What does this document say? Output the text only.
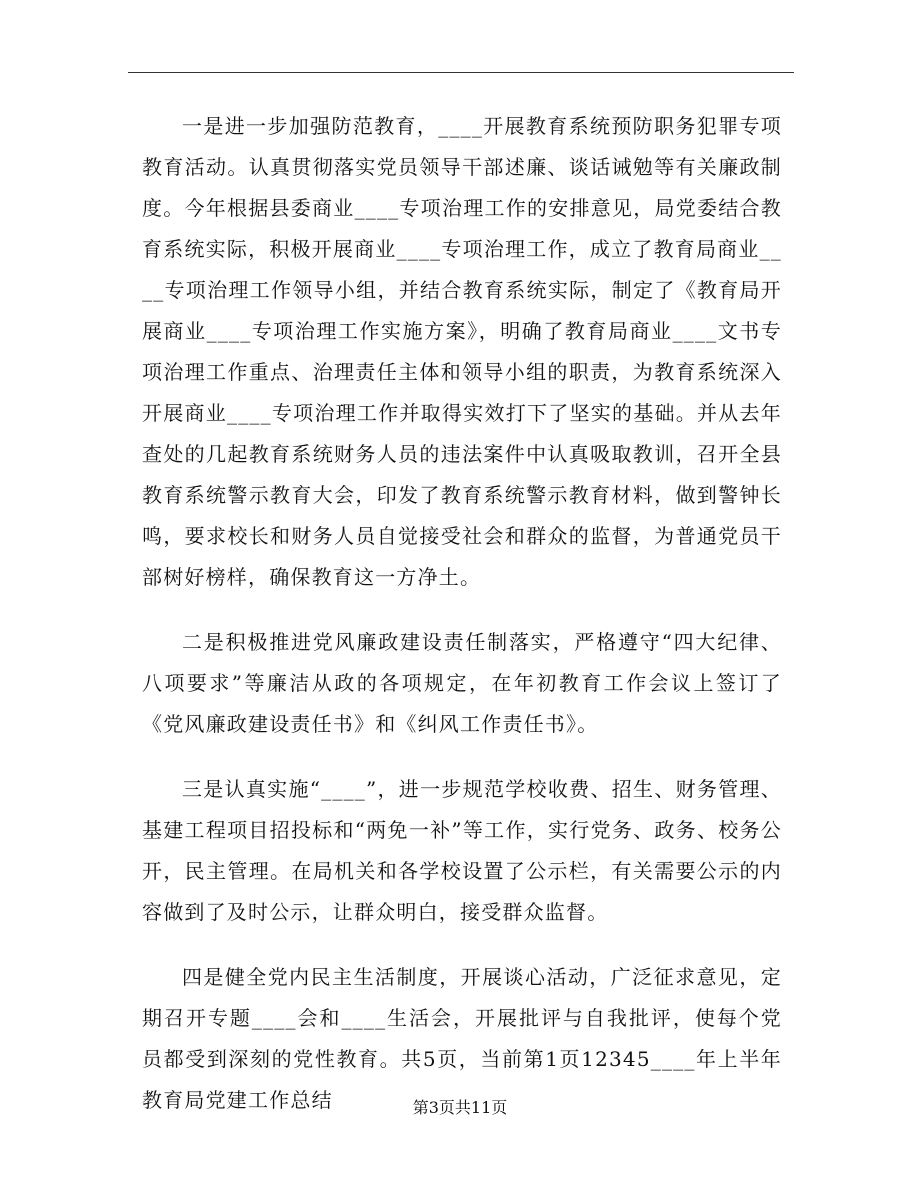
一是进一步加强防范教育，____开展教育系统预防职务犯罪专项教育活动。认真贯彻落实党员领导干部述廉、谈话诫勉等有关廉政制度。今年根据县委商业____专项治理工作的安排意见，局党委结合教育系统实际，积极开展商业____专项治理工作，成立了教育局商业____专项治理工作领导小组，并结合教育系统实际，制定了《教育局开展商业____专项治理工作实施方案》，明确了教育局商业____文书专项治理工作重点、治理责任主体和领导小组的职责，为教育系统深入开展商业____专项治理工作并取得实效打下了坚实的基础。并从去年查处的几起教育系统财务人员的违法案件中认真吸取教训，召开全县教育系统警示教育大会，印发了教育系统警示教育材料，做到警钟长鸣，要求校长和财务人员自觉接受社会和群众的监督，为普通党员干部树好榜样，确保教育这一方净土。

二是积极推进党风廉政建设责任制落实，严格遵守“四大纪律、八项要求”等廉洁从政的各项规定，在年初教育工作会议上签订了《党风廉政建设责任书》和《纠风工作责任书》。

三是认真实施“____”，进一步规范学校收费、招生、财务管理、基建工程项目招投标和“两免一补”等工作，实行党务、政务、校务公开，民主管理。在局机关和各学校设置了公示栏，有关需要公示的内容做到了及时公示，让群众明白，接受群众监督。

四是健全党内民主生活制度，开展谈心活动，广泛征求意见，定期召开专题____会和____生活会，开展批评与自我批评，使每个党员都受到深刻的党性教育。共5页，当前第1页12345____年上半年教育局党建工作总结	第3页共11页
